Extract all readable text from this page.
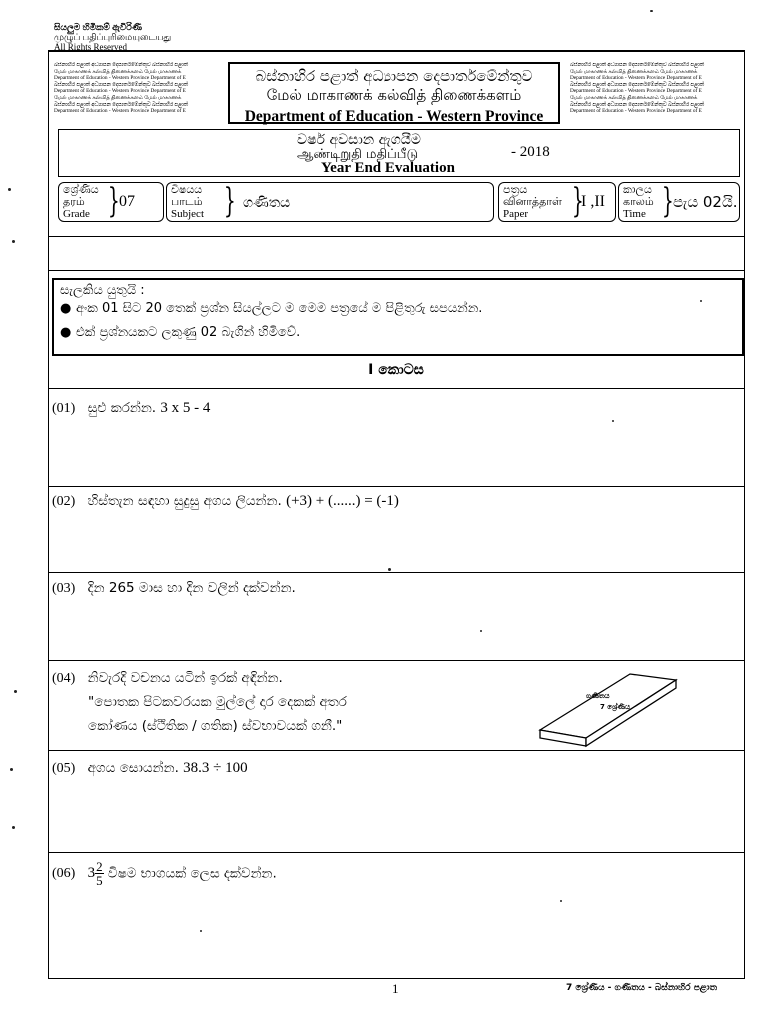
සියලුම හිමිකම් ඇවිරිණි
முழுப் பதிப்புரிமையுடையது
All Rights Reserved
බස්නාහිර පළාත් අධ්‍යාපන දෙපාර්තමේන්තුව බස්නාහිර පළාත්
மேல் மாகாணக் கல்வித் திணைக்களம் மேல் மாகாணக்
Department of Education - Western Province Department of E
බස්නාහිර පළාත් අධ්‍යාපන දෙපාර්තමේන්තුව බස්නාහිර පළාත්
Department of Education - Western Province Department of E
மேல் மாகாணக் கல்வித் திணைக்களம் மேல் மாகாணக்
බස්නාහිර පළාත් අධ්‍යාපන දෙපාර්තමේන්තුව බස්නාහිර පළාත්
Department of Education - Western Province Department of E
බස්නාහිර පළාත් අධ්‍යාපන දෙපාර්තමේන්තුව
மேல் மாகாணக் கல்வித் திணைக்களம்
Department of Education - Western Province
බස්නාහිර පළාත් අධ්‍යාපන දෙපාර්තමේන්තුව බස්නාහිර පළාත්
மேல் மாகாணக் கல்வித் திணைக்களம் மேல் மாகாணக்
Department of Education - Western Province Department of E
බස්නාහිර පළාත් අධ්‍යාපන දෙපාර්තමේන්තුව බස්නාහිර පළාත්
Department of Education - Western Province Department of E
மேல் மாகாணக் கல்வித் திணைக்களம் மேல் மாகாணக்
බස්නාහිර පළාත් අධ්‍යාපන දෙපාර්තමේන්තුව බස්නාහිර පළාත්
Department of Education - Western Province Department of E
වර්ෂ අවසාන ඇගයීම
ஆண்டிறுதி மதிப்பீடு	- 2018
Year End Evaluation
ශ්‍රේණිය
தரம்
Grade } 07
විෂයය
பாடம்
Subject } ගණිතය
පත්‍රය
வினாத்தாள்
Paper	}
I ,II
කාලය
காலம்
Time } පැය 02යි.
සැලකිය යුතුයි :
● අංක 01 සිට 20 තෙක් ප්‍රශ්න සියල්ලට ම මෙම පත්‍රයේ ම පිළිතුරු සපයන්න.
● එක් ප්‍රශ්නයකට ලකුණු 02 බැගින් හිමිවේ.
I කොටස
(01) සුළු කරන්න. 3 x 5 - 4
(02) හිස්තැන සඳහා සුදුසු අගය ලියන්න. (+3) + (......) = (-1)
(03) දින 265 මාස හා දින වලින් දක්වන්න.
(04) නිවැරදි වචනය යටින් ඉරක් අඳින්න.
"පොතක පිටකවරයක මුල්ලේ දාර දෙකක් අතර
කෝණය (ස්ථිතික / ගතික) ස්වභාවයක් ගනී."
ගණිතය
7 ශ්‍රේණිය
(05) අගය සොයන්න. 38.3 ÷ 100
(06) $3 \frac{2}{5}$ විෂම භාගයක් ලෙස දක්වන්න.
1	7 ශ්‍රේණිය - ගණිතය - බස්නාහිර පළාත
